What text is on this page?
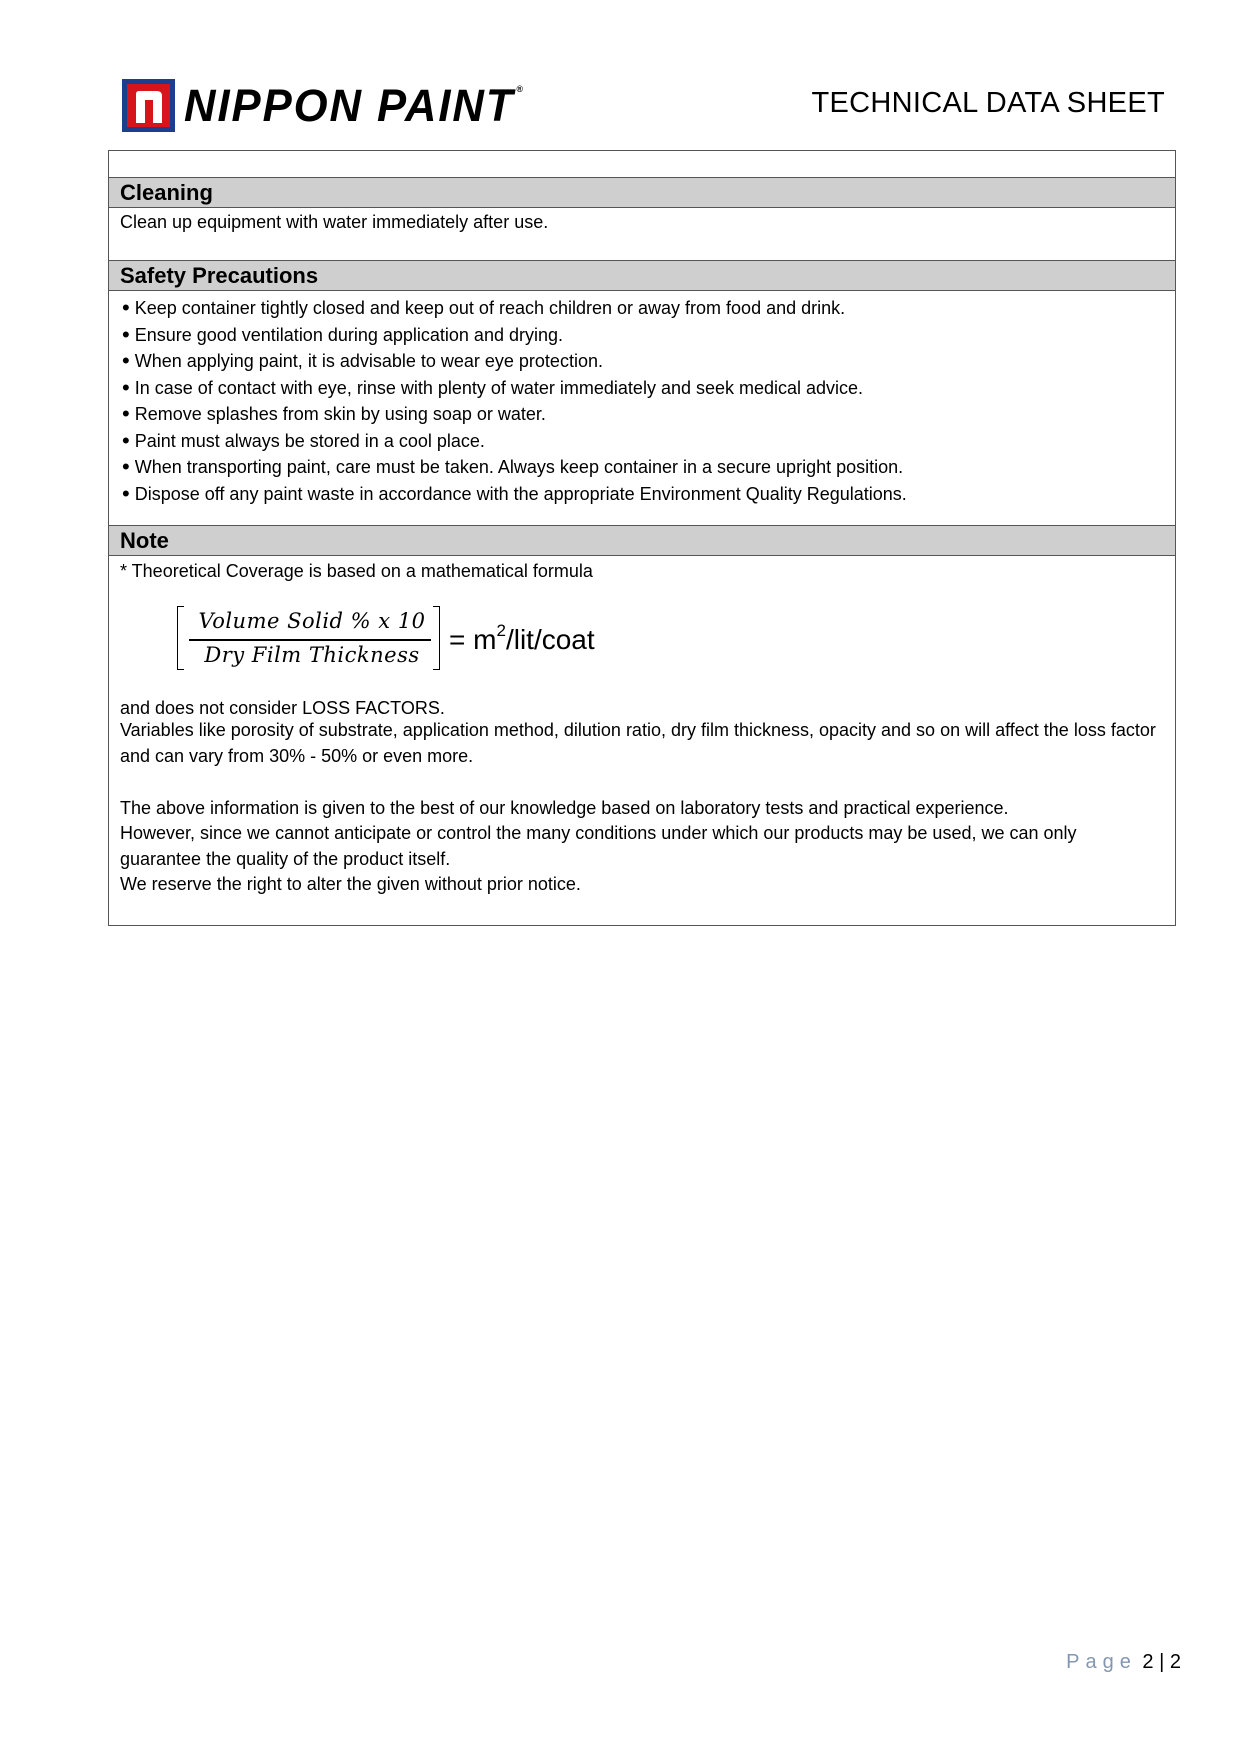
NIPPON PAINT ®	TECHNICAL DATA SHEET
Cleaning
Clean up equipment with water immediately after use.
Safety Precautions
• Keep container tightly closed and keep out of reach children or away from food and drink.
• Ensure good ventilation during application and drying.
• When applying paint, it is advisable to wear eye protection.
• In case of contact with eye, rinse with plenty of water immediately and seek medical advice.
• Remove splashes from skin by using soap or water.
• Paint must always be stored in a cool place.
• When transporting paint, care must be taken. Always keep container in a secure upright position.
• Dispose off any paint waste in accordance with the appropriate Environment Quality Regulations.
Note
* Theoretical Coverage is based on a mathematical formula
Volume Solid % x 10
Dry Film Thickness	= $m^2/lit$/coat
and does not consider LOSS FACTORS.
Variables like porosity of substrate, application method, dilution ratio, dry film thickness, opacity and so on will affect the loss factor and can vary from 30% - 50% or even more.
The above information is given to the best of our knowledge based on laboratory tests and practical experience.
However, since we cannot anticipate or control the many conditions under which our products may be used, we can only guarantee the quality of the product itself.
We reserve the right to alter the given without prior notice.
Page 2 | 2
